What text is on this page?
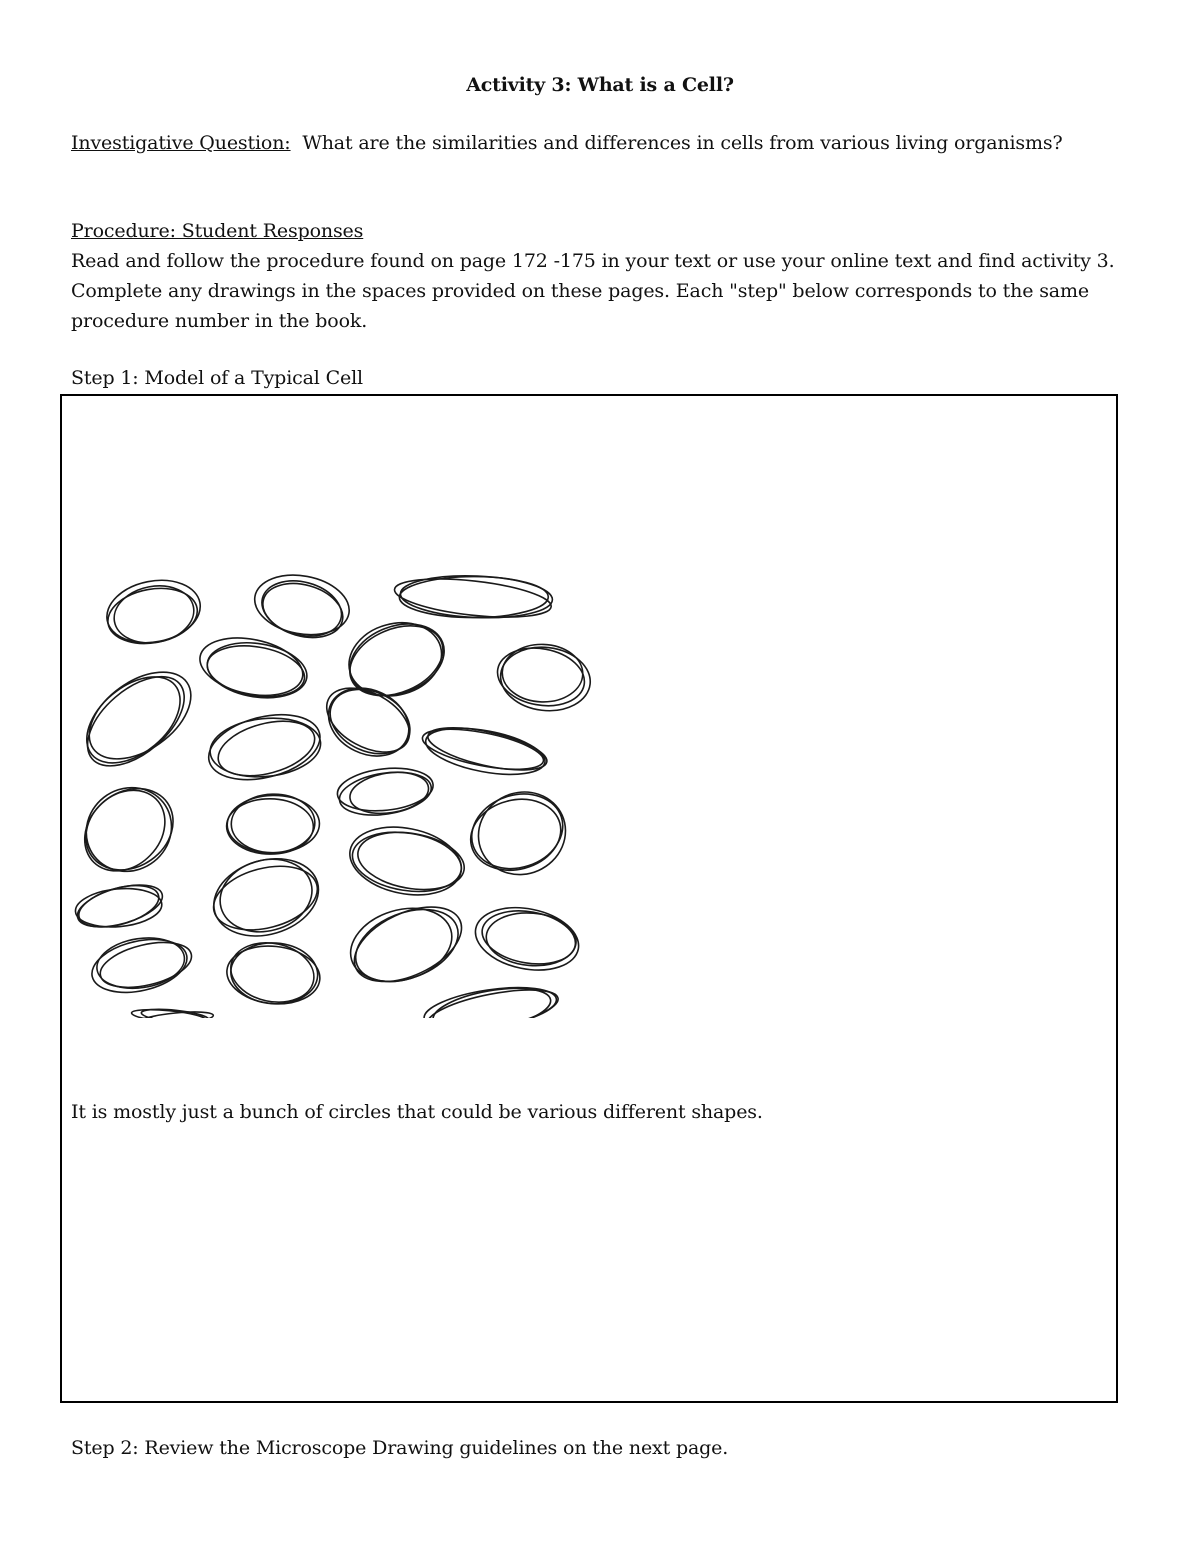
Activity 3: What is a Cell?
Investigative Question: What are the similarities and differences in cells from various living organisms?
Procedure: Student Responses
Read and follow the procedure found on page 172 -175 in your text or use your online text and find activity 3. Complete any drawings in the spaces provided on these pages. Each "step" below corresponds to the same procedure number in the book.
Step 1: Model of a Typical Cell
It is mostly just a bunch of circles that could be various different shapes.
Step 2: Review the Microscope Drawing guidelines on the next page.
